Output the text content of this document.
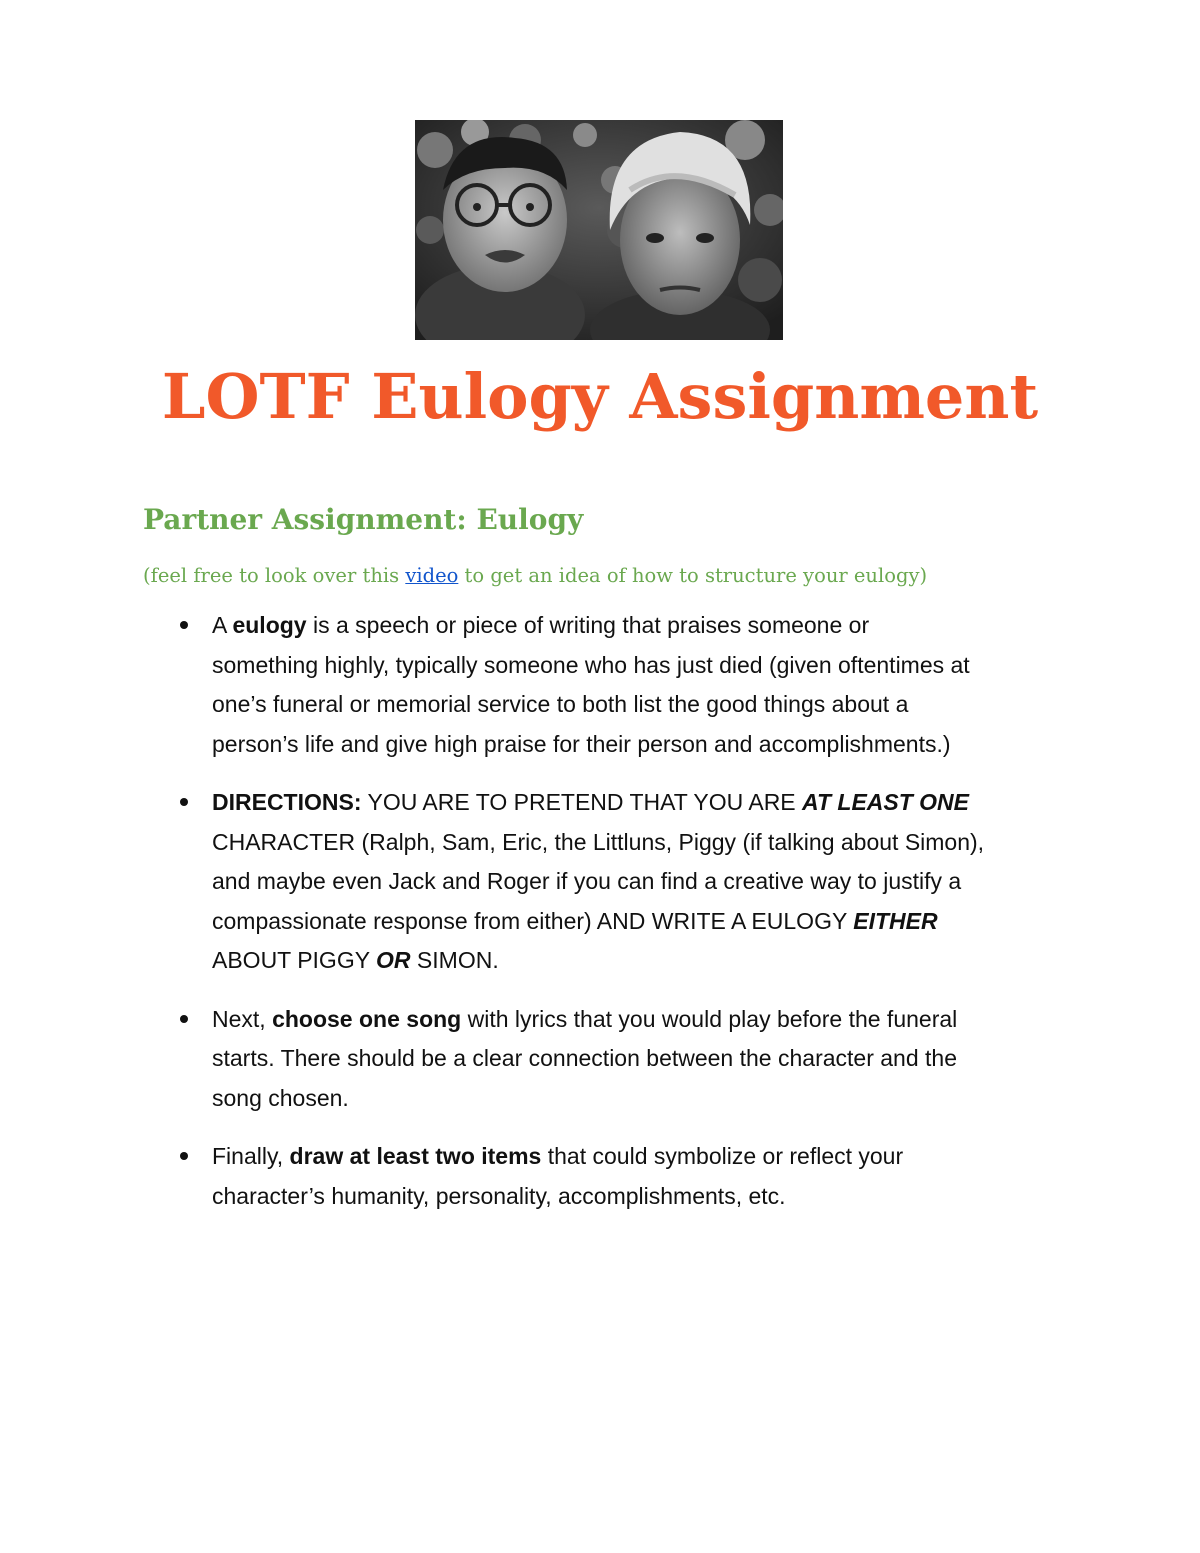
LOTF Eulogy Assignment
Partner Assignment: Eulogy

(feel free to look over this video to get an idea of how to structure your eulogy)

A eulogy is a speech or piece of writing that praises someone or

something highly, typically someone who has just died (given oftentimes at

one’s funeral or memorial service to both list the good things about a

person’s life and give high praise for their person and accomplishments.)

DIRECTIONS: YOU ARE TO PRETEND THAT YOU ARE AT LEAST ONE

CHARACTER (Ralph, Sam, Eric, the Littluns, Piggy (if talking about Simon),

and maybe even Jack and Roger if you can find a creative way to justify a

compassionate response from either) AND WRITE A EULOGY EITHER

ABOUT PIGGY OR SIMON.

Next, choose one song with lyrics that you would play before the funeral

starts. There should be a clear connection between the character and the

song chosen.

Finally, draw at least two items that could symbolize or reflect your

character’s humanity, personality, accomplishments, etc.
